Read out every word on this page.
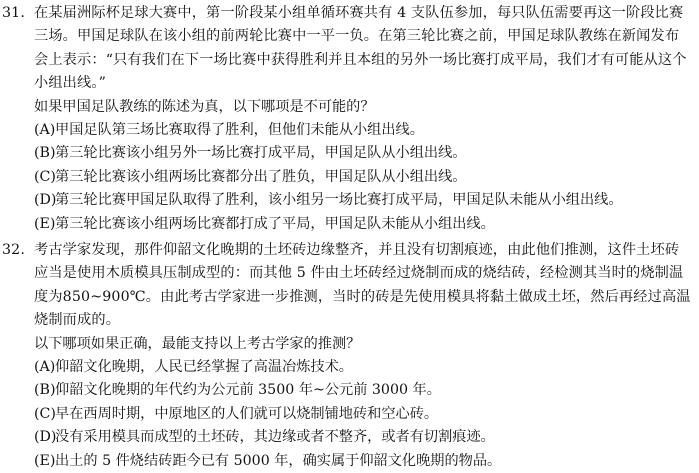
31. 在某届洲际杯足球大赛中，第一阶段某小组单循环赛共有 4 支队伍参加，每只队伍需要再这一阶段比赛三场。甲国足球队在该小组的前两轮比赛中一平一负。在第三轮比赛之前，甲国足球队教练在新闻发布会上表示：“只有我们在下一场比赛中获得胜利并且本组的另外一场比赛打成平局，我们才有可能从这个小组出线。”
如果甲国足队教练的陈述为真，以下哪项是不可能的？
(A)甲国足队第三场比赛取得了胜利，但他们未能从小组出线。
(B)第三轮比赛该小组另外一场比赛打成平局，甲国足队从小组出线。
(C)第三轮比赛该小组两场比赛都分出了胜负，甲国足队从小组出线。
(D)第三轮比赛甲国足队取得了胜利，该小组另一场比赛打成平局，甲国足队未能从小组出线。
(E)第三轮比赛该小组两场比赛都打成了平局，甲国足队未能从小组出线。
32. 考古学家发现，那件仰韶文化晚期的土坯砖边缘整齐，并且没有切割痕迹，由此他们推测，这件土坯砖应当是使用木质模具压制成型的：而其他 5 件由土坯砖经过烧制而成的烧结砖，经检测其当时的烧制温度为850~900℃。由此考古学家进一步推测，当时的砖是先使用模具将黏土做成土坯，然后再经过高温烧制而成的。
以下哪项如果正确，最能支持以上考古学家的推测？
(A)仰韶文化晚期，人民已经掌握了高温冶炼技术。
(B)仰韶文化晚期的年代约为公元前 3500 年~公元前 3000 年。
(C)早在西周时期，中原地区的人们就可以烧制铺地砖和空心砖。
(D)没有采用模具而成型的土坯砖，其边缘或者不整齐，或者有切割痕迹。
(E)出土的 5 件烧结砖距今已有 5000 年，确实属于仰韶文化晚期的物品。
